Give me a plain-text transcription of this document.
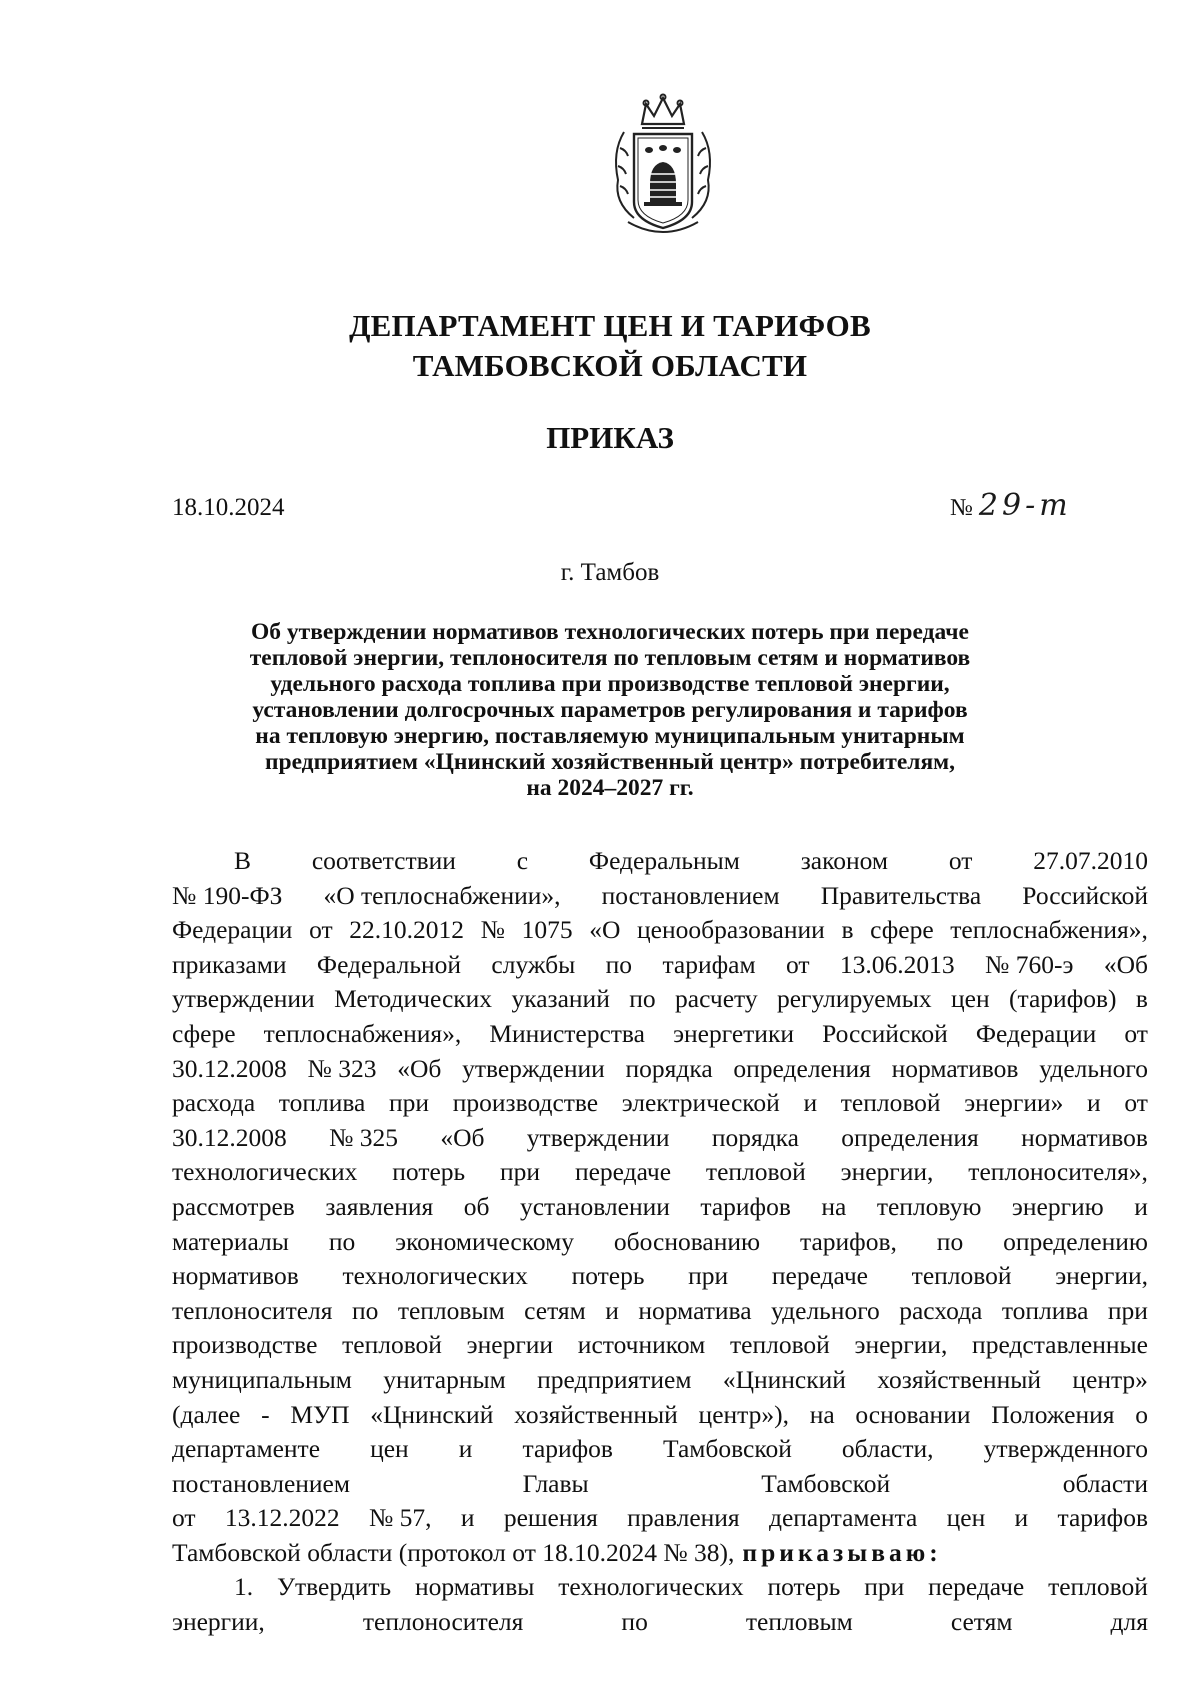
ДЕПАРТАМЕНТ ЦЕН И ТАРИФОВ
ТАМБОВСКОЙ ОБЛАСТИ
ПРИКАЗ
18.10.2024	№ 29-т
г. Тамбов
Об утверждении нормативов технологических потерь при передаче
тепловой энергии, теплоносителя по тепловым сетям и нормативов
удельного расхода топлива при производстве тепловой энергии,
установлении долгосрочных параметров регулирования и тарифов
на тепловую энергию, поставляемую муниципальным унитарным
предприятием «Цнинский хозяйственный центр» потребителям,
на 2024–2027 гг.
В соответствии с Федеральным законом от 27.07.2010
№ 190-ФЗ «О теплоснабжении», постановлением Правительства Российской
Федерации от 22.10.2012 № 1075 «О ценообразовании в сфере теплоснабжения»,
приказами Федеральной службы по тарифам от 13.06.2013 № 760-э «Об
утверждении Методических указаний по расчету регулируемых цен (тарифов) в
сфере теплоснабжения», Министерства энергетики Российской Федерации от
30.12.2008 № 323 «Об утверждении порядка определения нормативов удельного
расхода топлива при производстве электрической и тепловой энергии» и от
30.12.2008 № 325 «Об утверждении порядка определения нормативов
технологических потерь при передаче тепловой энергии, теплоносителя»,
рассмотрев заявления об установлении тарифов на тепловую энергию и
материалы по экономическому обоснованию тарифов, по определению
нормативов технологических потерь при передаче тепловой энергии,
теплоносителя по тепловым сетям и норматива удельного расхода топлива при
производстве тепловой энергии источником тепловой энергии, представленные
муниципальным унитарным предприятием «Цнинский хозяйственный центр»
(далее - МУП «Цнинский хозяйственный центр»), на основании Положения о
департаменте цен и тарифов Тамбовской области, утвержденного
постановлением	Главы	Тамбовской	области
от 13.12.2022 № 57, и решения правления департамента цен и тарифов
Тамбовской области (протокол от 18.10.2024 № 38), приказываю:
1. Утвердить нормативы технологических потерь при передаче тепловой
энергии,	теплоносителя	по	тепловым	сетям	для
